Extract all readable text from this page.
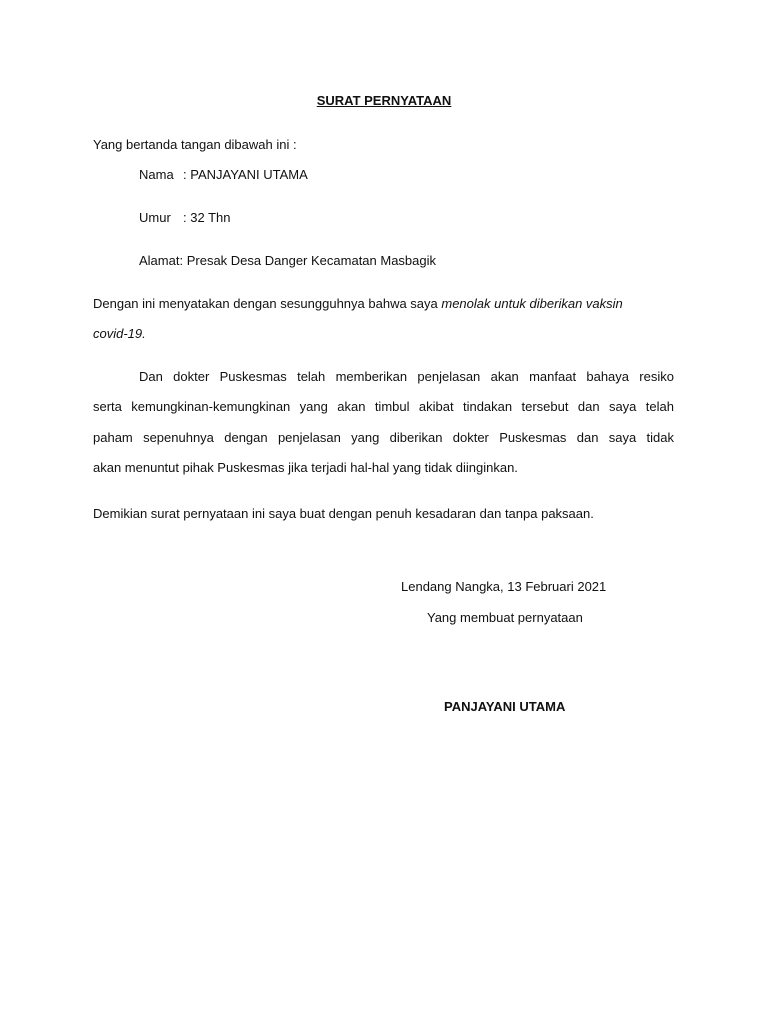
SURAT PERNYATAAN
Yang bertanda tangan dibawah ini :
Nama : PANJAYANI UTAMA
Umur : 32 Thn
Alamat: Presak Desa Danger Kecamatan Masbagik
Dengan ini menyatakan dengan sesungguhnya bahwa saya menolak untuk diberikan vaksin
covid-19.
Dan dokter Puskesmas telah memberikan penjelasan akan manfaat bahaya resiko
serta kemungkinan-kemungkinan yang akan timbul akibat tindakan tersebut dan saya telah
paham sepenuhnya dengan penjelasan yang diberikan dokter Puskesmas dan saya tidak
akan menuntut pihak Puskesmas jika terjadi hal-hal yang tidak diinginkan.
Demikian surat pernyataan ini saya buat dengan penuh kesadaran dan tanpa paksaan.
Lendang Nangka, 13 Februari 2021
Yang membuat pernyataan
PANJAYANI UTAMA
